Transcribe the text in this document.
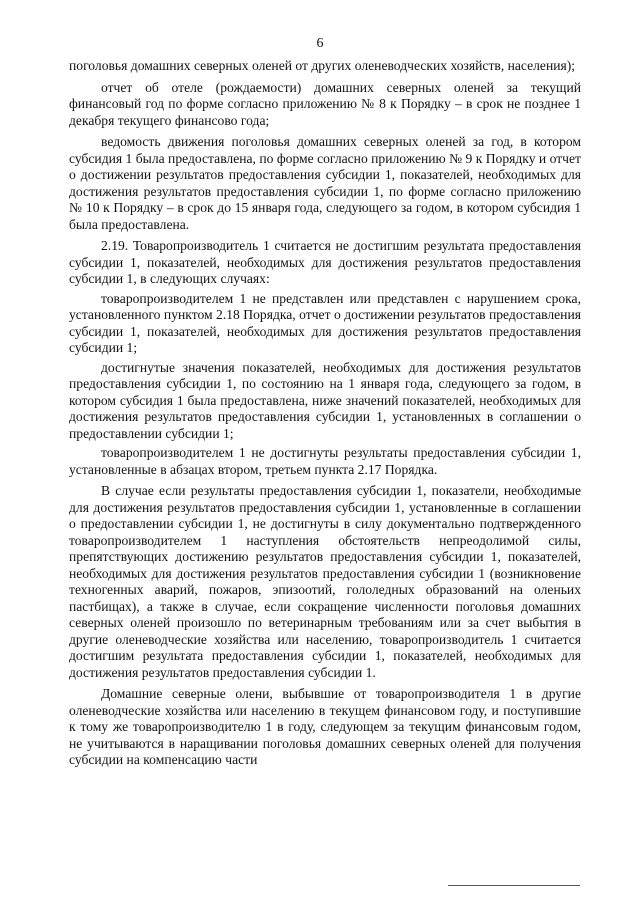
6

поголовья домашних северных оленей от других оленеводческих хозяйств, населения);

отчет об отеле (рождаемости) домашних северных оленей за текущий финансовый год по форме согласно приложению № 8 к Порядку – в срок не позднее 1 декабря текущего финансово года;

ведомость движения поголовья домашних северных оленей за год, в котором субсидия 1 была предоставлена, по форме согласно приложению № 9 к Порядку и отчет о достижении результатов предоставления субсидии 1, показателей, необходимых для достижения результатов предоставления субсидии 1, по форме согласно приложению № 10 к Порядку – в срок до 15 января года, следующего за годом, в котором субсидия 1 была предоставлена.

2.19. Товаропроизводитель 1 считается не достигшим результата предоставления субсидии 1, показателей, необходимых для достижения результатов предоставления субсидии 1, в следующих случаях:

товаропроизводителем 1 не представлен или представлен с нарушением срока, установленного пунктом 2.18 Порядка, отчет о достижении результатов предоставления субсидии 1, показателей, необходимых для достижения результатов предоставления субсидии 1;

достигнутые значения показателей, необходимых для достижения результатов предоставления субсидии 1, по состоянию на 1 января года, следующего за годом, в котором субсидия 1 была предоставлена, ниже значений показателей, необходимых для достижения результатов предоставления субсидии 1, установленных в соглашении о предоставлении субсидии 1;

товаропроизводителем 1 не достигнуты результаты предоставления субсидии 1, установленные в абзацах втором, третьем пункта 2.17 Порядка.

В случае если результаты предоставления субсидии 1, показатели, необходимые для достижения результатов предоставления субсидии 1, установленные в соглашении о предоставлении субсидии 1, не достигнуты в силу документально подтвержденного товаропроизводителем 1 наступления обстоятельств непреодолимой силы, препятствующих достижению результатов предоставления субсидии 1, показателей, необходимых для достижения результатов предоставления субсидии 1 (возникновение техногенных аварий, пожаров, эпизоотий, гололедных образований на оленьих пастбищах), а также в случае, если сокращение численности поголовья домашних северных оленей произошло по ветеринарным требованиям или за счет выбытия в другие оленеводческие хозяйства или населению, товаропроизводитель 1 считается достигшим результата предоставления субсидии 1, показателей, необходимых для достижения результатов предоставления субсидии 1.

Домашние северные олени, выбывшие от товаропроизводителя 1 в другие оленеводческие хозяйства или населению в текущем финансовом году, и поступившие к тому же товаропроизводителю 1 в году, следующем за текущим финансовым годом, не учитываются в наращивании поголовья домашних северных оленей для получения субсидии на компенсацию части
